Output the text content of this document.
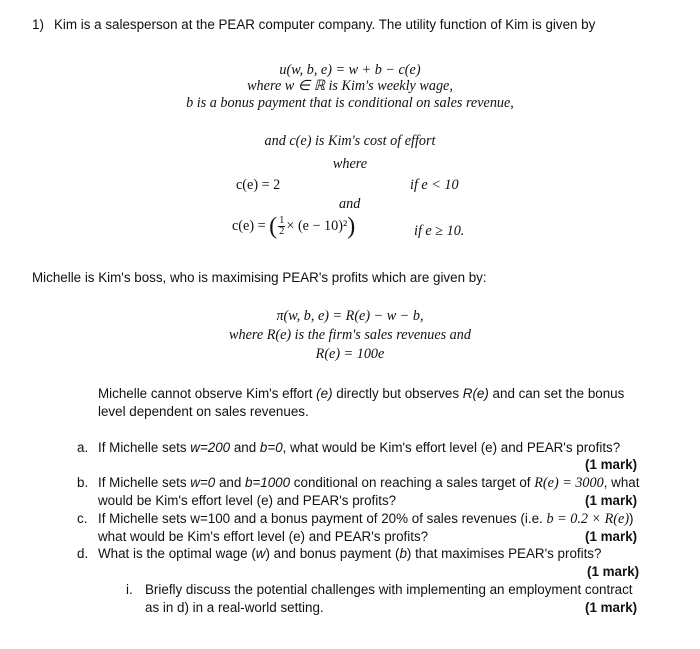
1) Kim is a salesperson at the PEAR computer company. The utility function of Kim is given by
u(w, b, e) = w + b − c(e)
where w ∈ ℝ is Kim's weekly wage,
b is a bonus payment that is conditional on sales revenue,
and c(e) is Kim's cost of effort
where
c(e) = 2	if e < 10
and
c(e) = ( $\frac{1}{2} \times (e - 10)^2$)	if e ≥ 10.
Michelle is Kim's boss, who is maximising PEAR's profits which are given by:
π(w, b, e) = R(e) − w − b,
where R(e) is the firm's sales revenues and
R(e) = 100e
Michelle cannot observe Kim's effort (e) directly but observes R(e) and can set the bonus
level dependent on sales revenues.
a. If Michelle sets w=200 and b=0, what would be Kim's effort level (e) and PEAR's profits?
(1 mark)
b. If Michelle sets w=0 and b=1000 conditional on reaching a sales target of R(e) = 3000, what
would be Kim's effort level (e) and PEAR's profits?	(1 mark)
c. If Michelle sets w=100 and a bonus payment of 20% of sales revenues (i.e. b = 0.2 × R(e))
what would be Kim's effort level (e) and PEAR's profits?	(1 mark)
d. What is the optimal wage (w) and bonus payment (b) that maximises PEAR's profits?
(1 mark)
i. Briefly discuss the potential challenges with implementing an employment contract
as in d) in a real-world setting.	(1 mark)
